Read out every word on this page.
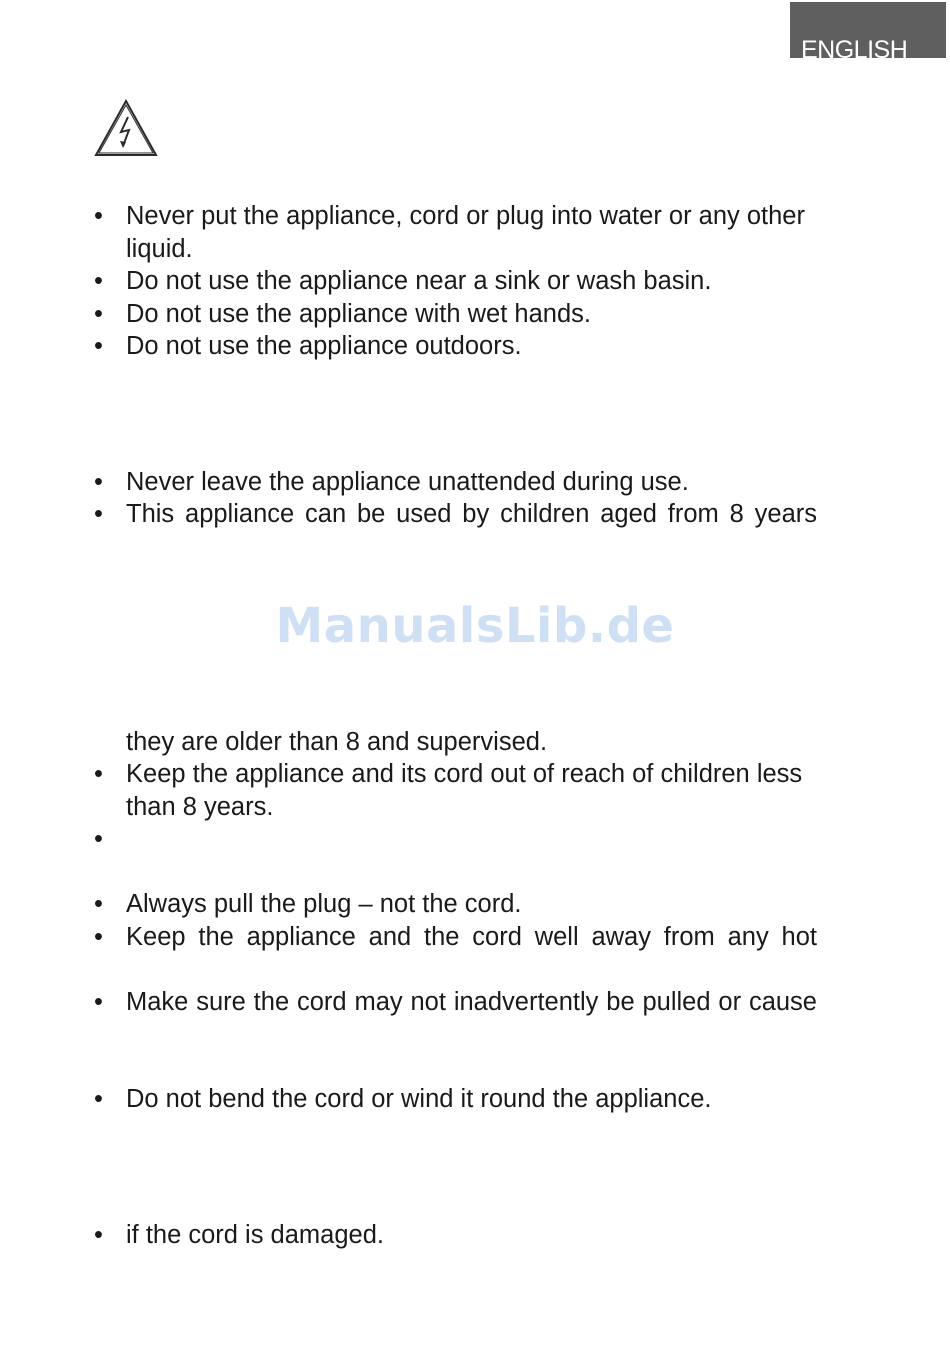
ENGLISH
• Never put the appliance, cord or plug into water or any other
liquid.
• Do not use the appliance near a sink or wash basin.
• Do not use the appliance with wet hands.
• Do not use the appliance outdoors.
• Never leave the appliance unattended during use.
• This appliance can be used by children aged from 8 years
ManualsLib.de
they are older than 8 and supervised.
• Keep the appliance and its cord out of reach of children less
than 8 years.
•
• Always pull the plug – not the cord.
• Keep the appliance and the cord well away from any hot
• Make sure the cord may not inadvertently be pulled or cause
• Do not bend the cord or wind it round the appliance.
• if the cord is damaged.
